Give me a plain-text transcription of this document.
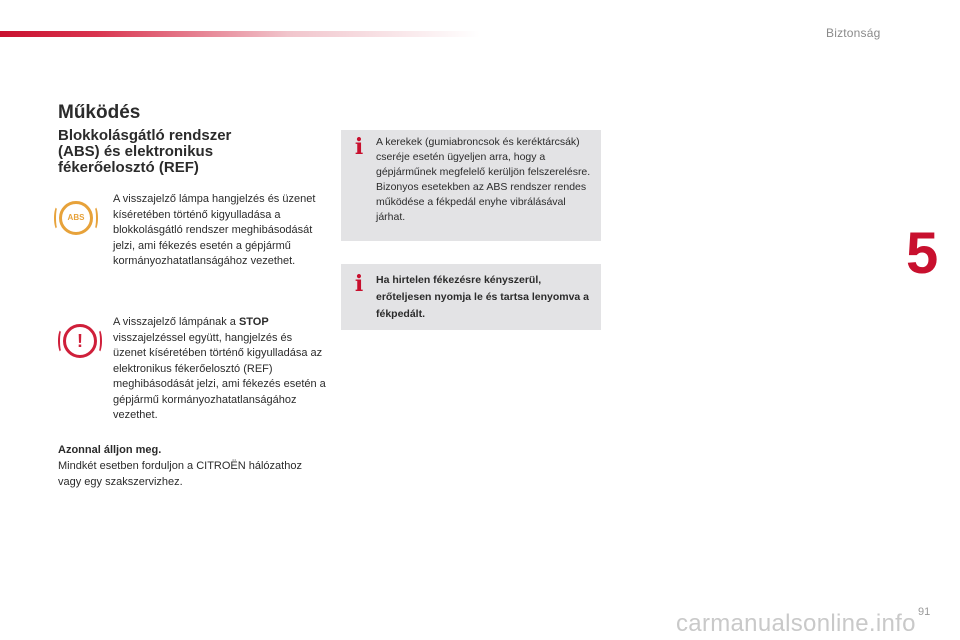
Biztonság
Működés
Blokkolásgátló rendszer
(ABS) és elektronikus
fékerőelosztó (REF)
ABS
A visszajelző lámpa hangjelzés és üzenet kíséretében történő kigyulladása a blokkolásgátló rendszer meghibásodását jelzi, ami fékezés esetén a gépjármű kormányozhatatlanságához vezethet.
!
A visszajelző lámpának a STOP visszajelzéssel együtt, hangjelzés és üzenet kíséretében történő kigyulladása az elektronikus fékerőelosztó (REF) meghibásodását jelzi, ami fékezés esetén a gépjármű kormányozhatatlanságához vezethet.
Azonnal álljon meg.
Mindkét esetben forduljon a CITROËN hálózathoz vagy egy szakszervizhez.
i A kerekek (gumiabroncsok és keréktárcsák) cseréje esetén ügyeljen arra, hogy a gépjárműnek megfelelő kerüljön felszerelésre.
Bizonyos esetekben az ABS rendszer rendes működése a fékpedál enyhe vibrálásával járhat.
i Ha hirtelen fékezésre kényszerül, erőteljesen nyomja le és tartsa lenyomva a fékpedált.
5
91
carmanualsonline.info
